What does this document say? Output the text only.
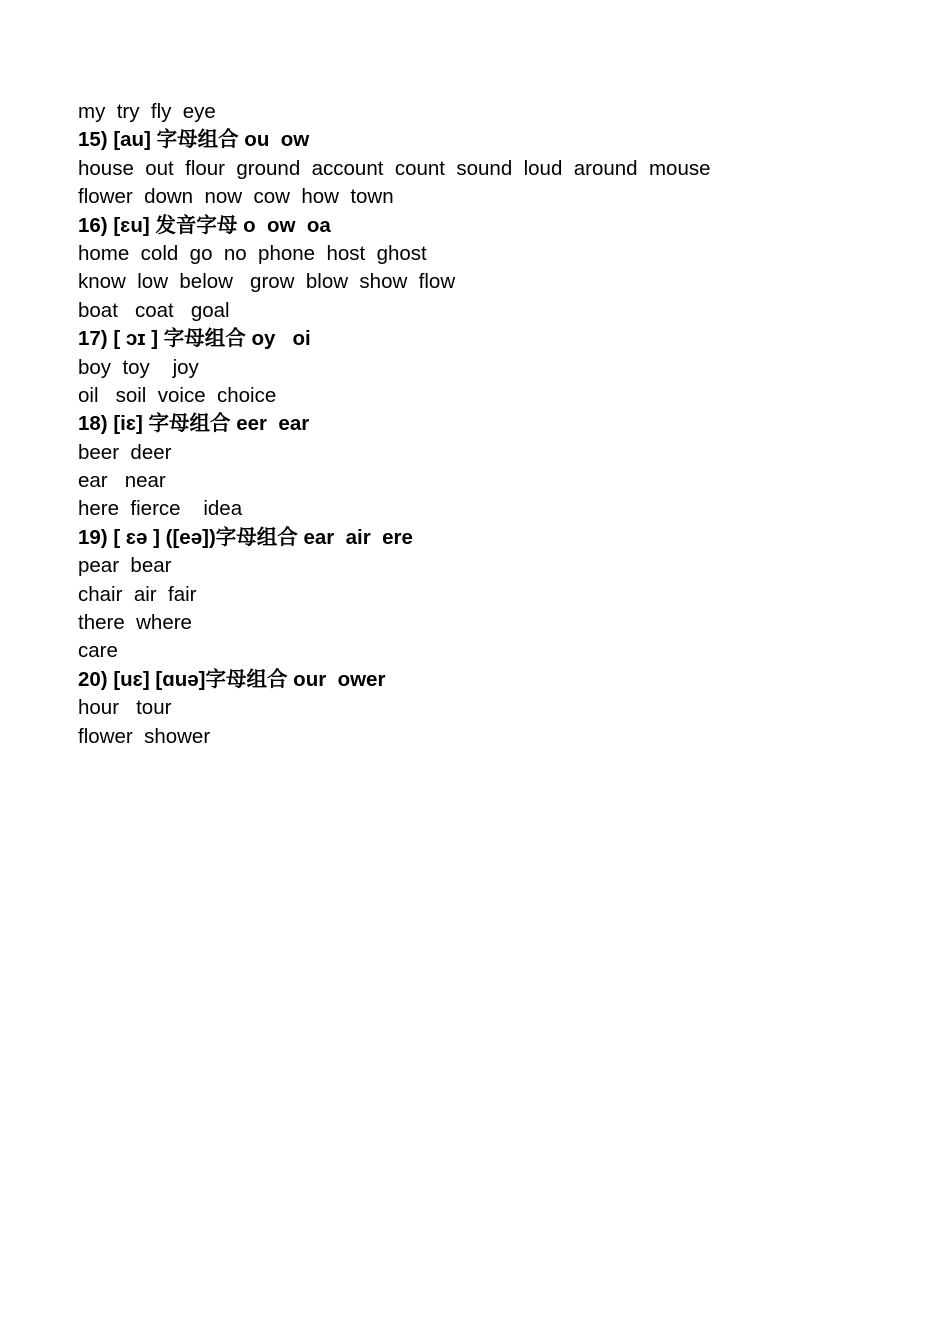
my  try  fly  eye
15) [au] 字母组合 ou  ow
house  out  flour  ground  account  count  sound  loud  around  mouse
flower  down  now  cow  how  town
16) [ɛu] 发音字母 o  ow  oa
home  cold  go  no  phone  host  ghost
know  low  below   grow  blow  show  flow
boat   coat   goal
17) [ ɔɪ ] 字母组合 oy   oi
boy  toy    joy
oil   soil  voice  choice
18) [iɛ] 字母组合 eer  ear
beer  deer
ear   near
here  fierce    idea
19) [ ɛə ] ([eə])字母组合 ear  air  ere
pear  bear
chair  air  fair
there  where
care
20) [uɛ] [ɑuə]字母组合 our  ower
hour   tour
flower  shower
